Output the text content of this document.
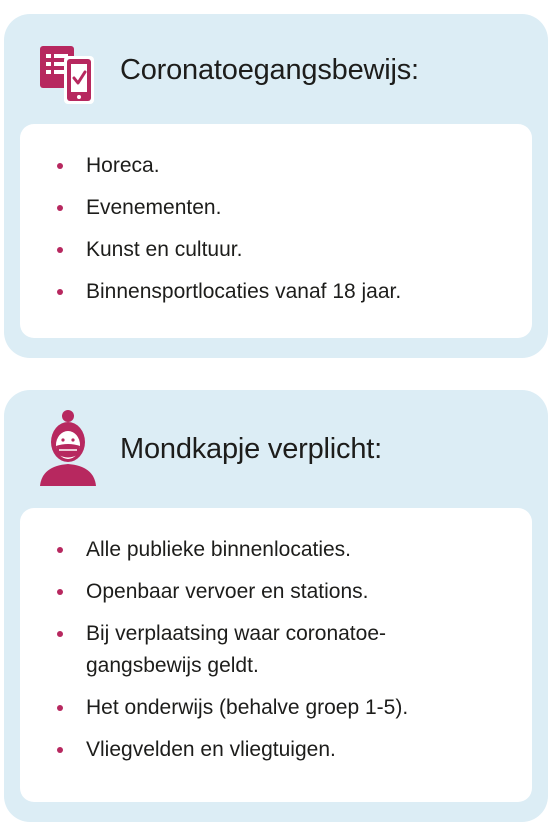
Coronatoegangsbewijs:
Horeca.
Evenementen.
Kunst en cultuur.
Binnensportlocaties vanaf 18 jaar.
Mondkapje verplicht:
Alle publieke binnenlocaties.
Openbaar vervoer en stations.
Bij verplaatsing waar coronatoe-
gangsbewijs geldt.
Het onderwijs (behalve groep 1-5).
Vliegvelden en vliegtuigen.
